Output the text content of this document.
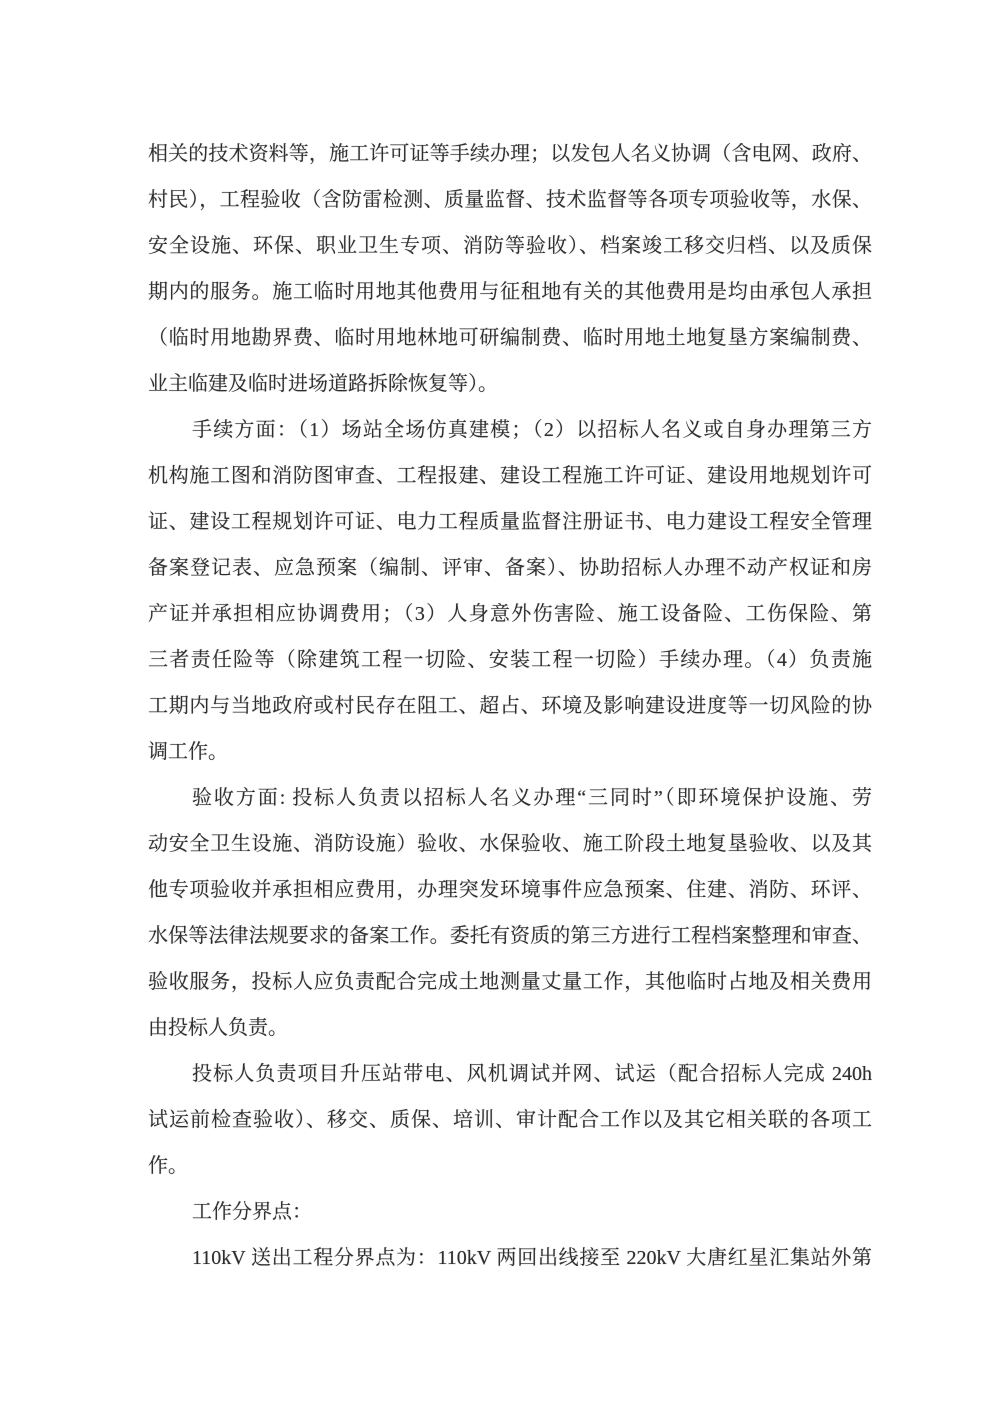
相关的技术资料等，施工许可证等手续办理；以发包人名义协调（含电网、政府、
村民），工程验收（含防雷检测、质量监督、技术监督等各项专项验收等，水保、
安全设施、环保、职业卫生专项、消防等验收）、档案竣工移交归档、以及质保
期内的服务。施工临时用地其他费用与征租地有关的其他费用是均由承包人承担
（临时用地勘界费、临时用地林地可研编制费、临时用地土地复垦方案编制费、
业主临建及临时进场道路拆除恢复等）。
手续方面：（1）场站全场仿真建模；（2）以招标人名义或自身办理第三方
机构施工图和消防图审查、工程报建、建设工程施工许可证、建设用地规划许可
证、建设工程规划许可证、电力工程质量监督注册证书、电力建设工程安全管理
备案登记表、应急预案（编制、评审、备案）、协助招标人办理不动产权证和房
产证并承担相应协调费用；（3）人身意外伤害险、施工设备险、工伤保险、第
三者责任险等（除建筑工程一切险、安装工程一切险）手续办理。（4）负责施
工期内与当地政府或村民存在阻工、超占、环境及影响建设进度等一切风险的协
调工作。
验收方面: 投标人负责以招标人名义办理“三同时”（即环境保护设施、劳
动安全卫生设施、消防设施）验收、水保验收、施工阶段土地复垦验收、以及其
他专项验收并承担相应费用，办理突发环境事件应急预案、住建、消防、环评、
水保等法律法规要求的备案工作。委托有资质的第三方进行工程档案整理和审查、
验收服务，投标人应负责配合完成土地测量丈量工作，其他临时占地及相关费用
由投标人负责。
投标人负责项目升压站带电、风机调试并网、试运（配合招标人完成 240h
试运前检查验收）、移交、质保、培训、审计配合工作以及其它相关联的各项工
作。
工作分界点：
110kV 送出工程分界点为：110kV 两回出线接至 220kV 大唐红星汇集站外第
